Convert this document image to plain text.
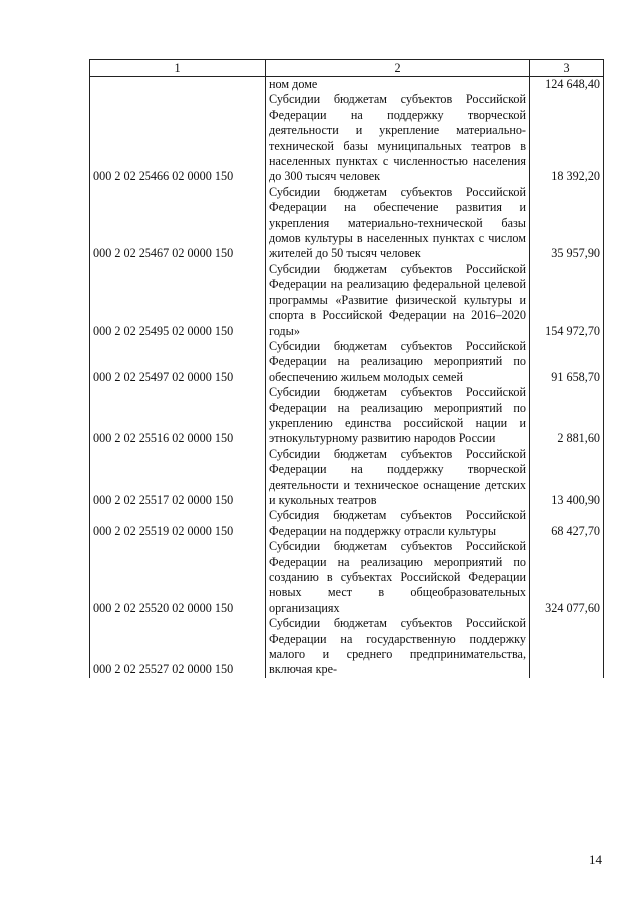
1	2	3
	ном доме	124 648,40
000 2 02 25466 02 0000 150	Субсидии бюджетам субъектов Российской Федерации на поддержку творческой деятельности и укрепление материально-технической базы муниципальных театров в населенных пунктах с численностью населения до 300 тысяч человек	18 392,20
000 2 02 25467 02 0000 150	Субсидии бюджетам субъектов Российской Федерации на обеспечение развития и укрепления материально-технической базы домов культуры в населенных пунктах с числом жителей до 50 тысяч человек	35 957,90
000 2 02 25495 02 0000 150	Субсидии бюджетам субъектов Российской Федерации на реализацию федеральной целевой программы «Развитие физической культуры и спорта в Российской Федерации на 2016–2020 годы»	154 972,70
000 2 02 25497 02 0000 150	Субсидии бюджетам субъектов Российской Федерации на реализацию мероприятий по обеспечению жильем молодых семей	91 658,70
000 2 02 25516 02 0000 150	Субсидии бюджетам субъектов Российской Федерации на реализацию мероприятий по укреплению единства российской нации и этнокультурному развитию народов России	2 881,60
000 2 02 25517 02 0000 150	Субсидии бюджетам субъектов Российской Федерации на поддержку творческой деятельности и техническое оснащение детских и кукольных театров	13 400,90
000 2 02 25519 02 0000 150	Субсидия бюджетам субъектов Российской Федерации на поддержку отрасли культуры	68 427,70
000 2 02 25520 02 0000 150	Субсидии бюджетам субъектов Российской Федерации на реализацию мероприятий по созданию в субъектах Российской Федерации новых мест в общеобразовательных организациях	324 077,60
000 2 02 25527 02 0000 150	Субсидии бюджетам субъектов Российской Федерации на государственную поддержку малого и среднего предпринимательства, включая кре-	
14
